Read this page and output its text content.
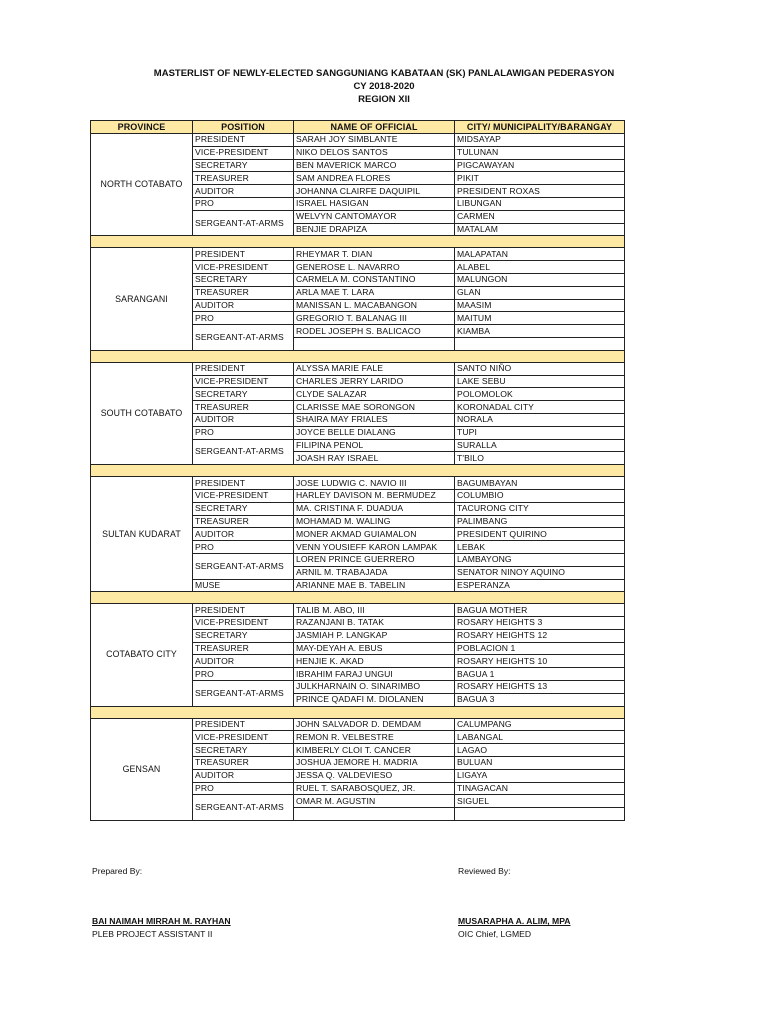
MASTERLIST OF NEWLY-ELECTED SANGGUNIANG KABATAAN (SK) PANLALAWIGAN PEDERASYON
CY 2018-2020
REGION XII
PROVINCE	POSITION	NAME OF OFFICIAL	CITY/ MUNICIPALITY/BARANGAY
NORTH COTABATO	PRESIDENT	SARAH JOY SIMBLANTE	MIDSAYAP
	VICE-PRESIDENT	NIKO DELOS SANTOS	TULUNAN
	SECRETARY	BEN MAVERICK MARCO	PIGCAWAYAN
	TREASURER	SAM ANDREA FLORES	PIKIT
	AUDITOR	JOHANNA CLAIRFE DAQUIPIL	PRESIDENT ROXAS
	PRO	ISRAEL HASIGAN	LIBUNGAN
	SERGEANT-AT-ARMS	WELVYN CANTOMAYOR	CARMEN
		BENJIE DRAPIZA	MATALAM

SARANGANI	PRESIDENT	RHEYMAR T. DIAN	MALAPATAN
	VICE-PRESIDENT	GENEROSE L. NAVARRO	ALABEL
	SECRETARY	CARMELA M. CONSTANTINO	MALUNGON
	TREASURER	ARLA MAE T. LARA	GLAN
	AUDITOR	MANISSAN L. MACABANGON	MAASIM
	PRO	GREGORIO T. BALANAG III	MAITUM
	SERGEANT-AT-ARMS	RODEL JOSEPH S. BALICACO	KIAMBA

SOUTH COTABATO	PRESIDENT	ALYSSA MARIE FALE	SANTO NIÑO
	VICE-PRESIDENT	CHARLES JERRY LARIDO	LAKE SEBU
	SECRETARY	CLYDE SALAZAR	POLOMOLOK
	TREASURER	CLARISSE MAE SORONGON	KORONADAL CITY
	AUDITOR	SHAIRA MAY FRIALES	NORALA
	PRO	JOYCE BELLE DIALANG	TUPI
	SERGEANT-AT-ARMS	FILIPINA PENOL	SURALLA
		JOASH RAY ISRAEL	T'BILO

SULTAN KUDARAT	PRESIDENT	JOSE LUDWIG C. NAVIO III	BAGUMBAYAN
	VICE-PRESIDENT	HARLEY DAVISON M. BERMUDEZ	COLUMBIO
	SECRETARY	MA. CRISTINA F. DUADUA	TACURONG CITY
	TREASURER	MOHAMAD M. WALING	PALIMBANG
	AUDITOR	MONER AKMAD GUIAMALON	PRESIDENT QUIRINO
	PRO	VENN YOUSIEFF KARON LAMPAK	LEBAK
	SERGEANT-AT-ARMS	LOREN PRINCE GUERRERO	LAMBAYONG
		ARNIL M. TRABAJADA	SENATOR NINOY AQUINO
	MUSE	ARIANNE MAE B. TABELIN	ESPERANZA

COTABATO CITY	PRESIDENT	TALIB M. ABO, III	BAGUA MOTHER
	VICE-PRESIDENT	RAZANJANI B. TATAK	ROSARY HEIGHTS 3
	SECRETARY	JASMIAH P. LANGKAP	ROSARY HEIGHTS 12
	TREASURER	MAY-DEYAH A. EBUS	POBLACION 1
	AUDITOR	HENJIE K. AKAD	ROSARY HEIGHTS 10
	PRO	IBRAHIM FARAJ UNGUI	BAGUA 1
	SERGEANT-AT-ARMS	JULKHARNAIN O. SINARIMBO	ROSARY HEIGHTS 13
		PRINCE QADAFI M. DIOLANEN	BAGUA 3

GENSAN	PRESIDENT	JOHN SALVADOR D. DEMDAM	CALUMPANG
	VICE-PRESIDENT	REMON R. VELBESTRE	LABANGAL
	SECRETARY	KIMBERLY CLOI T. CANCER	LAGAO
	TREASURER	JOSHUA JEMORE H. MADRIA	BULUAN
	AUDITOR	JESSA Q. VALDEVIESO	LIGAYA
	PRO	RUEL T. SARABOSQUEZ, JR.	TINAGACAN
	SERGEANT-AT-ARMS	OMAR M. AGUSTIN	SIGUEL

Prepared By:	Reviewed By:
BAI NAIMAH MIRRAH M. RAYHAN
PLEB PROJECT ASSISTANT II
MUSARAPHA A. ALIM, MPA
OIC Chief, LGMED
